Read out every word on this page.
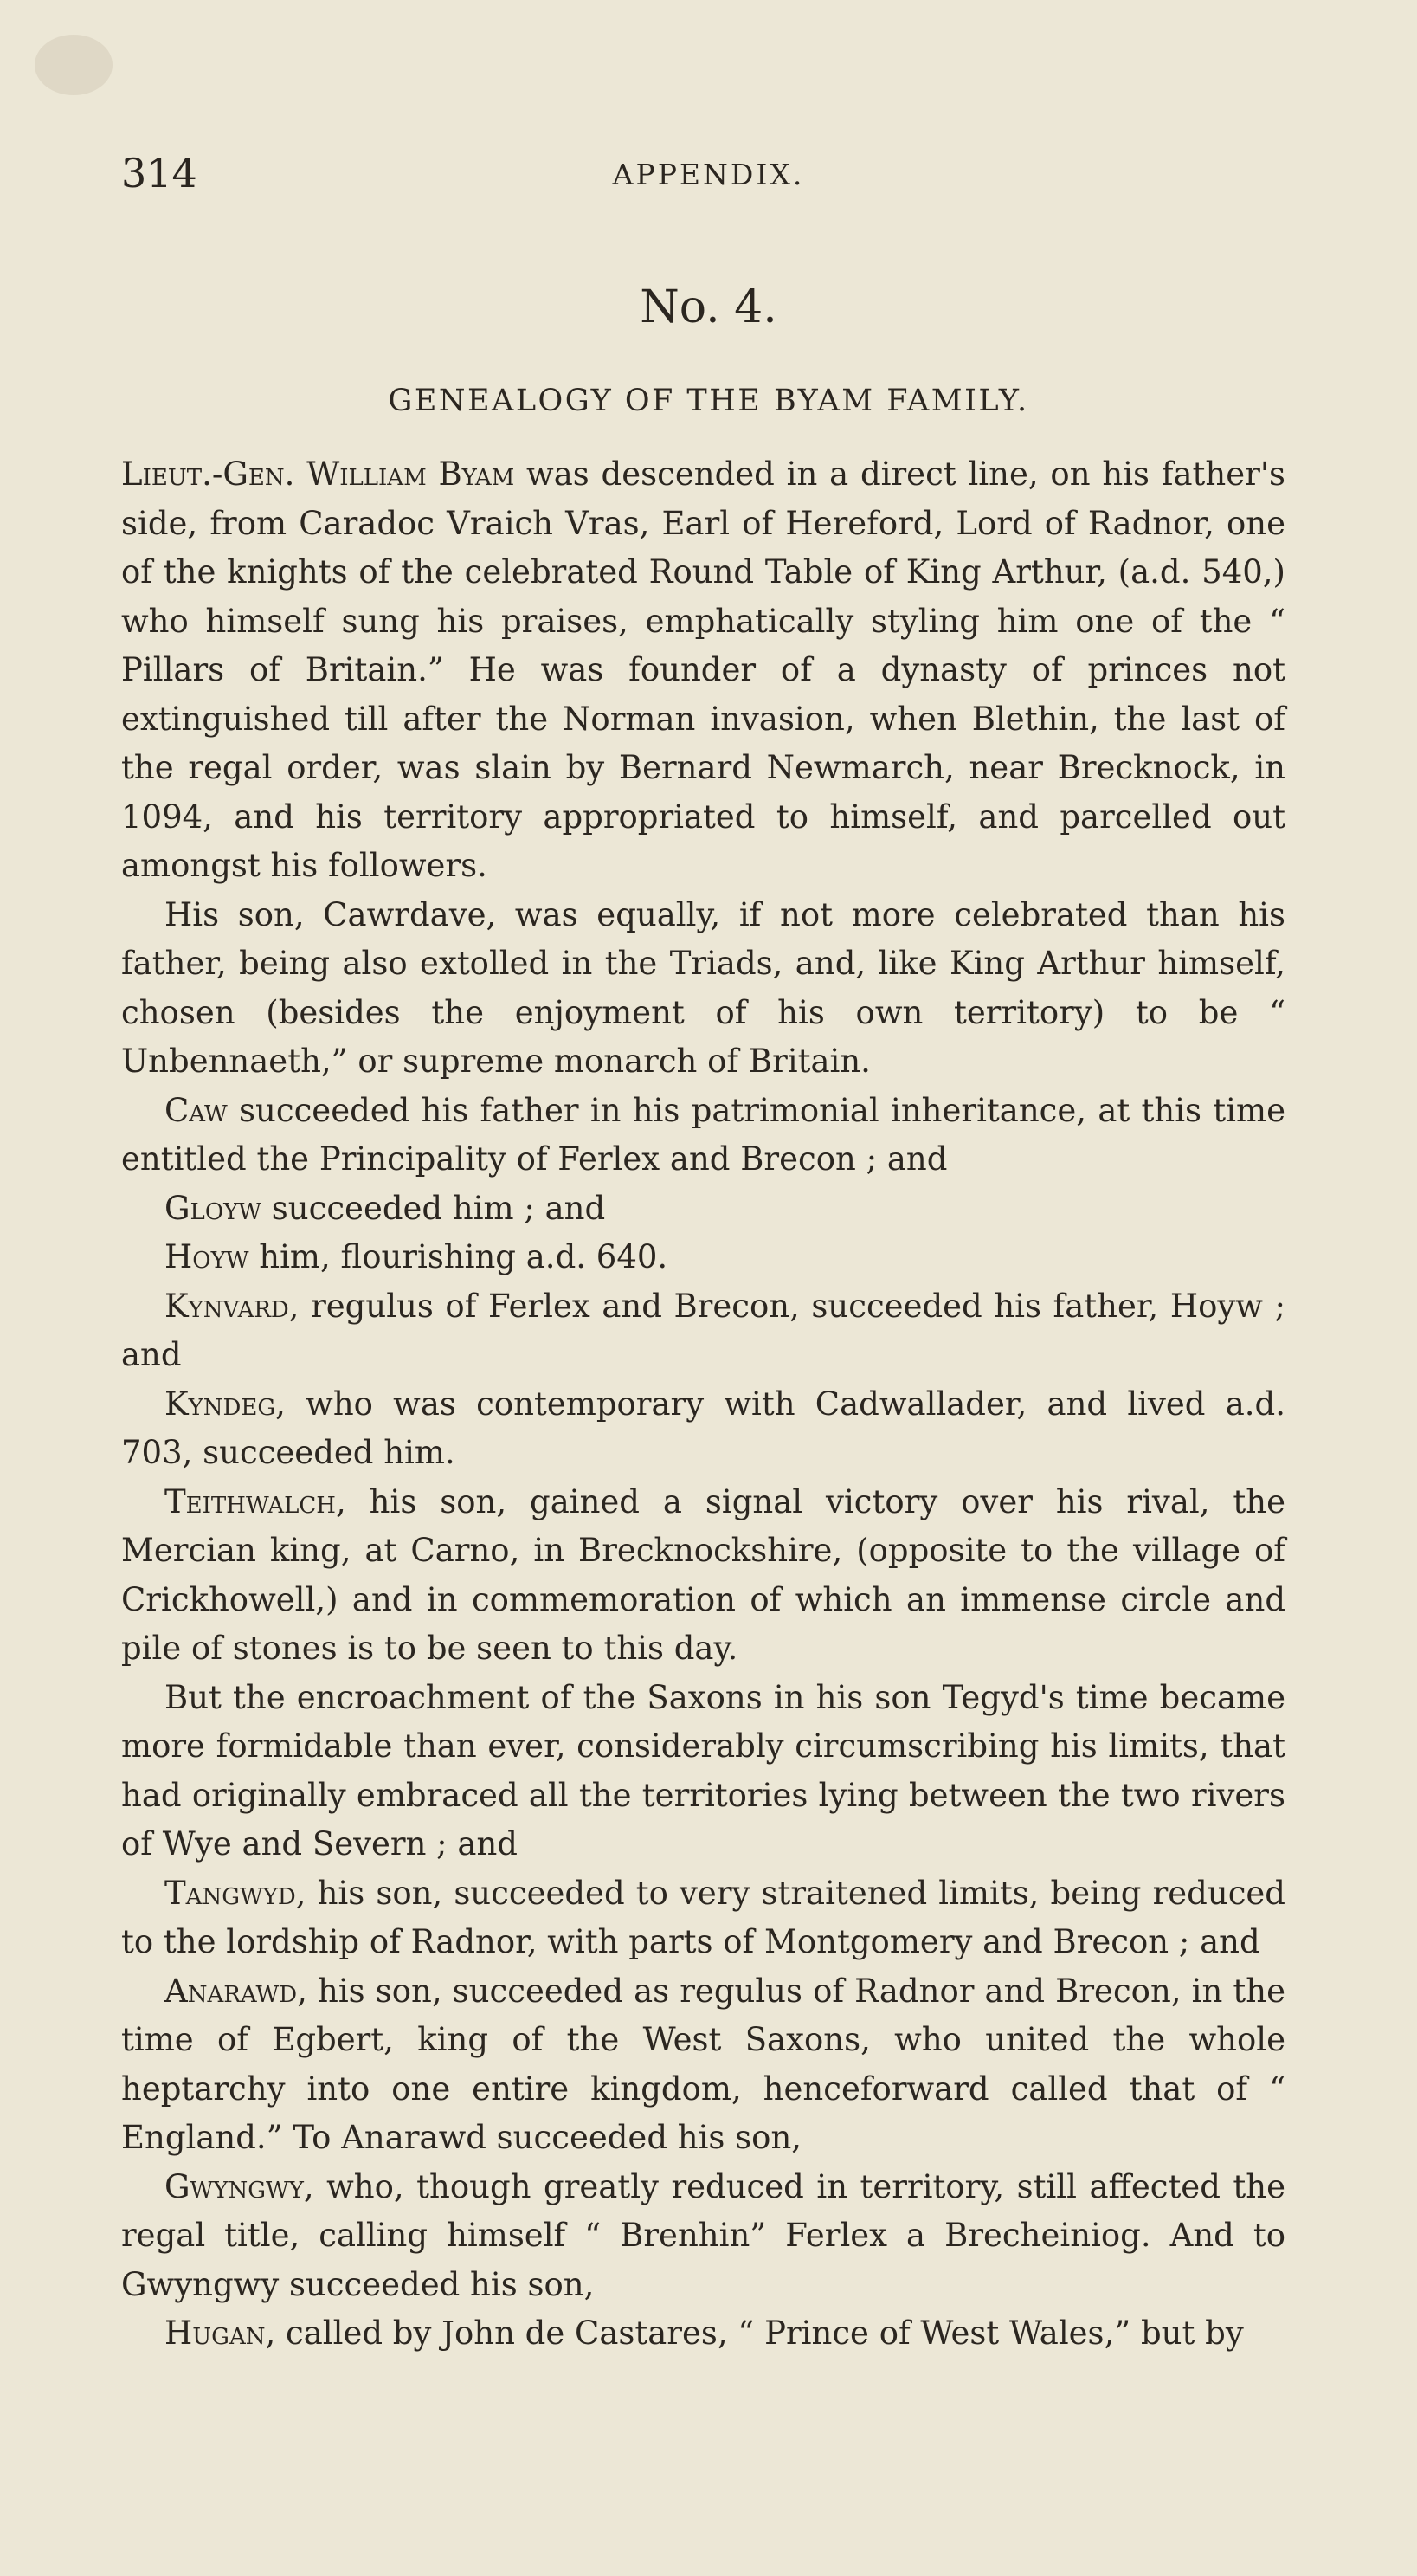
314	APPENDIX.
No. 4.
GENEALOGY OF THE BYAM FAMILY.

Lieut.-Gen. William Byam was descended in a direct line, on his father's side, from Caradoc Vraich Vras, Earl of Hereford, Lord of Radnor, one of the knights of the celebrated Round Table of King Arthur, (a.d. 540,) who himself sung his praises, emphatically styling him one of the “ Pillars of Britain.” He was founder of a dynasty of princes not extinguished till after the Norman invasion, when Blethin, the last of the regal order, was slain by Bernard Newmarch, near Brecknock, in 1094, and his territory appropriated to himself, and parcelled out amongst his followers.

His son, Cawrdave, was equally, if not more celebrated than his father, being also extolled in the Triads, and, like King Arthur himself, chosen (besides the enjoyment of his own territory) to be “ Unbennaeth,” or supreme monarch of Britain.

Caw succeeded his father in his patrimonial inheritance, at this time entitled the Principality of Ferlex and Brecon ; and

Gloyw succeeded him ; and

Hoyw him, flourishing a.d. 640.

Kynvard, regulus of Ferlex and Brecon, succeeded his father, Hoyw ; and

Kyndeg, who was contemporary with Cadwallader, and lived a.d. 703, succeeded him.

Teithwalch, his son, gained a signal victory over his rival, the Mercian king, at Carno, in Brecknockshire, (opposite to the village of Crickhowell,) and in commemoration of which an immense circle and pile of stones is to be seen to this day.

But the encroachment of the Saxons in his son Tegyd's time became more formidable than ever, considerably circumscribing his limits, that had originally embraced all the territories lying between the two rivers of Wye and Severn ; and

Tangwyd, his son, succeeded to very straitened limits, being reduced to the lordship of Radnor, with parts of Montgomery and Brecon ; and

Anarawd, his son, succeeded as regulus of Radnor and Brecon, in the time of Egbert, king of the West Saxons, who united the whole heptarchy into one entire kingdom, henceforward called that of “ England.” To Anarawd succeeded his son,

Gwyngwy, who, though greatly reduced in territory, still affected the regal title, calling himself “ Brenhin” Ferlex a Brecheiniog. And to Gwyngwy succeeded his son,

Hugan, called by John de Castares, “ Prince of West Wales,” but by
